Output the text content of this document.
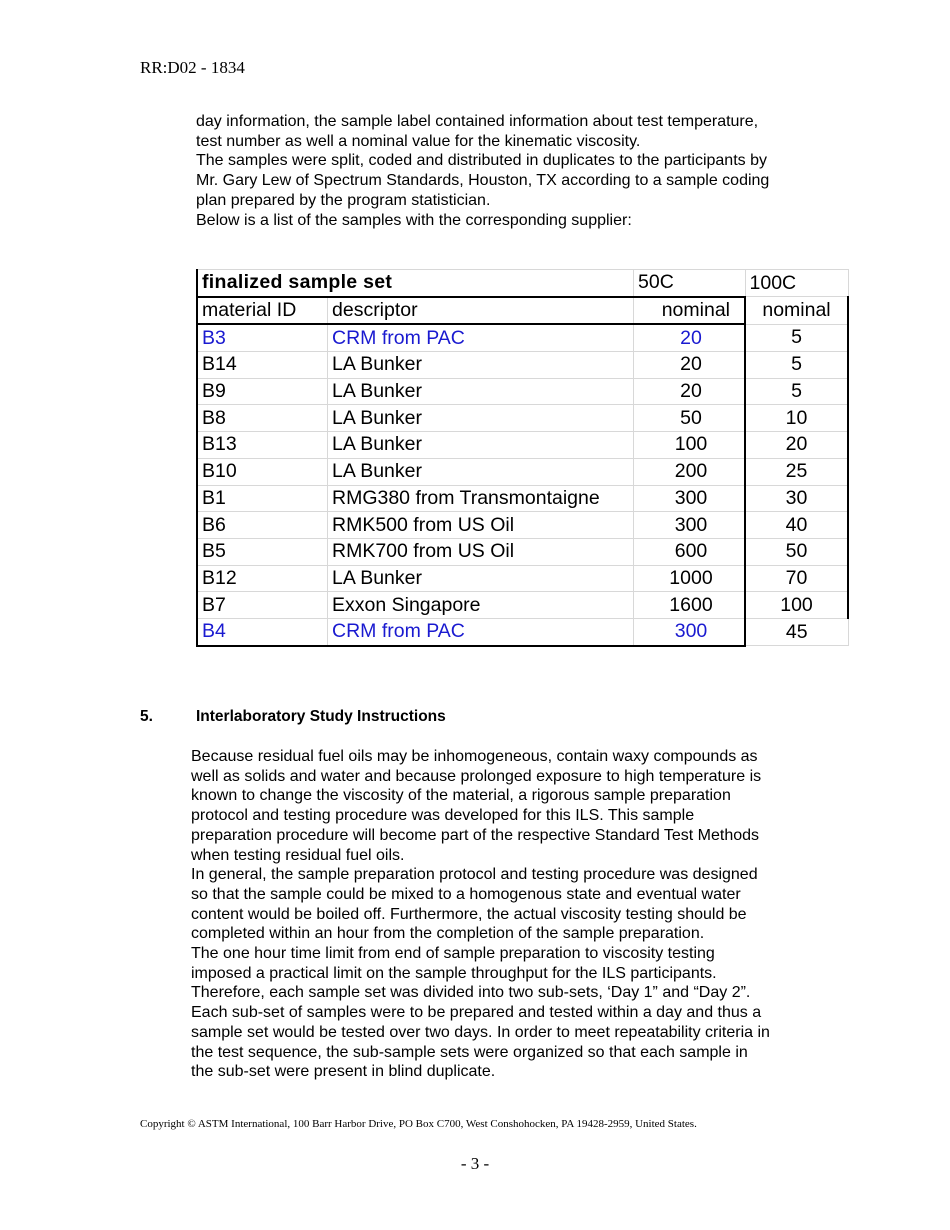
RR:D02 - 1834
day information, the sample label contained information about test temperature,
test number as well a nominal value for the kinematic viscosity.
The samples were split, coded and distributed in duplicates to the participants by
Mr. Gary Lew of Spectrum Standards, Houston, TX according to a sample coding
plan prepared by the program statistician.
Below is a list of the samples with the corresponding supplier:
finalized sample set		50C	100C
material ID	descriptor	nominal	nominal
B3	CRM from PAC	20	5
B14	LA Bunker	20	5
B9	LA Bunker	20	5
B8	LA Bunker	50	10
B13	LA Bunker	100	20
B10	LA Bunker	200	25
B1	RMG380 from Transmontaigne	300	30
B6	RMK500 from US Oil	300	40
B5	RMK700 from US Oil	600	50
B12	LA Bunker	1000	70
B7	Exxon Singapore	1600	100
B4	CRM from PAC	300	45
5.	Interlaboratory Study Instructions
Because residual fuel oils may be inhomogeneous, contain waxy compounds as
well as solids and water and because prolonged exposure to high temperature is
known to change the viscosity of the material, a rigorous sample preparation
protocol and testing procedure was developed for this ILS. This sample
preparation procedure will become part of the respective Standard Test Methods
when testing residual fuel oils.
In general, the sample preparation protocol and testing procedure was designed
so that the sample could be mixed to a homogenous state and eventual water
content would be boiled off. Furthermore, the actual viscosity testing should be
completed within an hour from the completion of the sample preparation.
The one hour time limit from end of sample preparation to viscosity testing
imposed a practical limit on the sample throughput for the ILS participants.
Therefore, each sample set was divided into two sub-sets, ‘Day 1” and “Day 2”.
Each sub-set of samples were to be prepared and tested within a day and thus a
sample set would be tested over two days. In order to meet repeatability criteria in
the test sequence, the sub-sample sets were organized so that each sample in
the sub-set were present in blind duplicate.
Copyright © ASTM International, 100 Barr Harbor Drive, PO Box C700, West Conshohocken, PA 19428-2959, United States.
- 3 -
